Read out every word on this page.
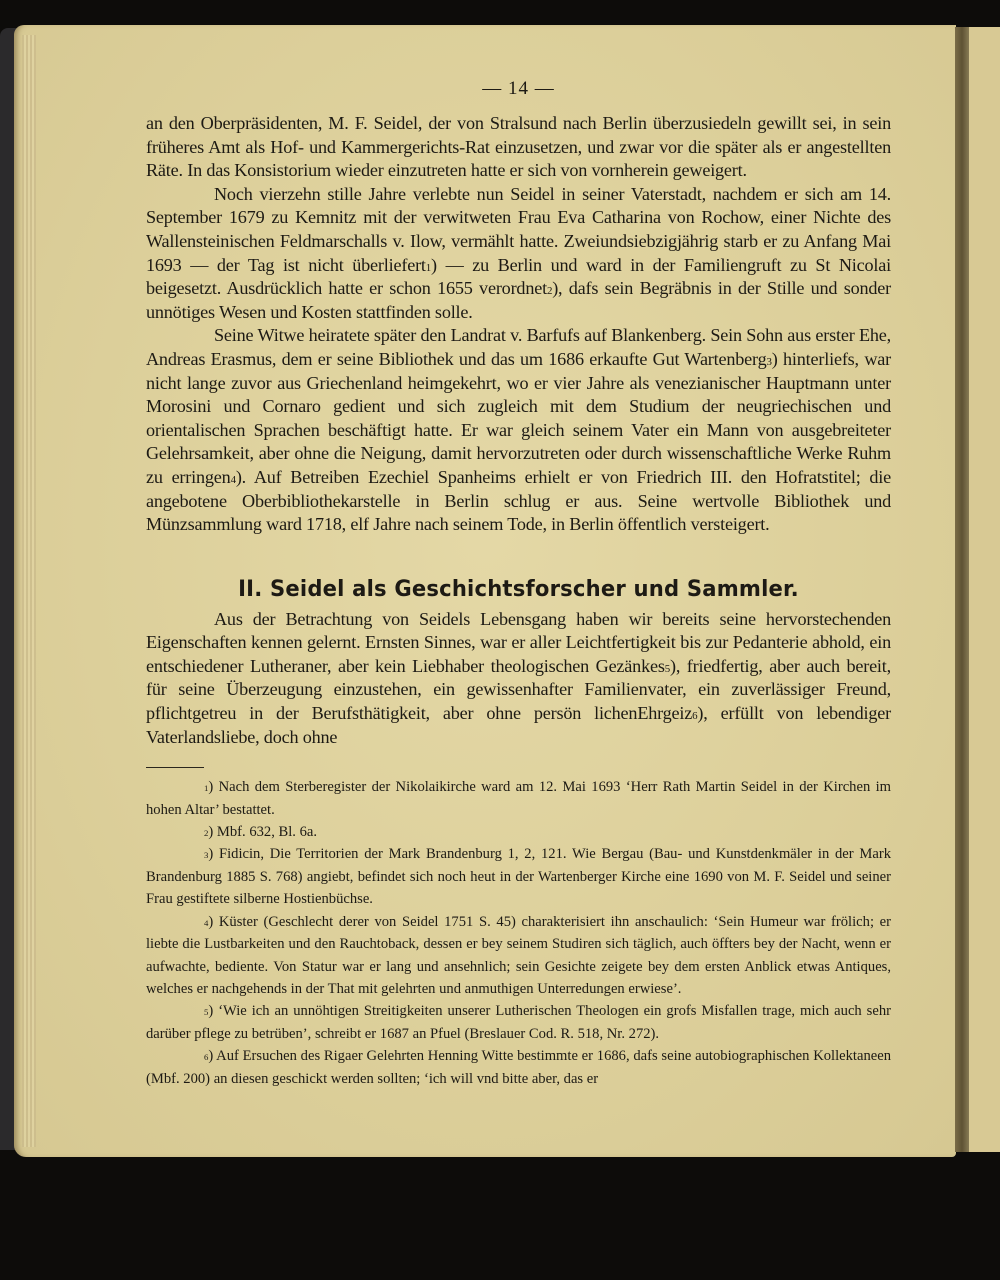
— 14 —

an den Oberpräsidenten, M. F. Seidel, der von Stralsund nach Berlin überzusiedeln gewillt sei, in sein früheres Amt als Hof- und Kammergerichts-Rat einzusetzen, und zwar vor die später als er angestellten Räte. In das Konsistorium wieder einzutreten hatte er sich von vornherein geweigert.

Noch vierzehn stille Jahre verlebte nun Seidel in seiner Vaterstadt, nachdem er sich am 14. September 1679 zu Kemnitz mit der verwitweten Frau Eva Catharina von Rochow, einer Nichte des Wallensteinischen Feldmarschalls v. Ilow, vermählt hatte. Zweiundsiebzigjährig starb er zu Anfang Mai 1693 — der Tag ist nicht überliefert$^1$) — zu Berlin und ward in der Familiengruft zu St Nicolai beigesetzt. Ausdrücklich hatte er schon 1655 verordnet$^2$), dafs sein Begräbnis in der Stille und sonder unnötiges Wesen und Kosten stattfinden solle.

Seine Witwe heiratete später den Landrat v. Barfufs auf Blankenberg. Sein Sohn aus erster Ehe, Andreas Erasmus, dem er seine Bibliothek und das um 1686 erkaufte Gut Wartenberg$^3$) hinterliefs, war nicht lange zuvor aus Griechenland heimgekehrt, wo er vier Jahre als venezianischer Hauptmann unter Morosini und Cornaro gedient und sich zugleich mit dem Studium der neugriechischen und orientalischen Sprachen beschäftigt hatte. Er war gleich seinem Vater ein Mann von ausgebreiteter Gelehrsamkeit, aber ohne die Neigung, damit hervorzutreten oder durch wissenschaftliche Werke Ruhm zu erringen$^4$). Auf Betreiben Ezechiel Spanheims erhielt er von Friedrich III. den Hofratstitel; die angebotene Oberbibliothekarstelle in Berlin schlug er aus. Seine wertvolle Bibliothek und Münzsammlung ward 1718, elf Jahre nach seinem Tode, in Berlin öffentlich versteigert.

II. Seidel als Geschichtsforscher und Sammler.

Aus der Betrachtung von Seidels Lebensgang haben wir bereits seine hervorstechenden Eigenschaften kennen gelernt. Ernsten Sinnes, war er aller Leichtfertigkeit bis zur Pedanterie abhold, ein entschiedener Lutheraner, aber kein Liebhaber theologischen Gezänkes$^5$), friedfertig, aber auch bereit, für seine Überzeugung einzustehen, ein gewissenhafter Familienvater, ein zuverlässiger Freund, pflichtgetreu in der Berufsthätigkeit, aber ohne persön lichenEhrgeiz$^6$), erfüllt von lebendiger Vaterlandsliebe, doch ohne

$^1$) Nach dem Sterberegister der Nikolaikirche ward am 12. Mai 1693 ‘Herr Rath Martin Seidel in der Kirchen im hohen Altar’ bestattet.

$^2$) Mbf. 632, Bl. 6a.

$^3$) Fidicin, Die Territorien der Mark Brandenburg 1, 2, 121. Wie Bergau (Bau- und Kunstdenkmäler in der Mark Brandenburg 1885 S. 768) angiebt, befindet sich noch heut in der Wartenberger Kirche eine 1690 von M. F. Seidel und seiner Frau gestiftete silberne Hostienbüchse.

$^4$) Küster (Geschlecht derer von Seidel 1751 S. 45) charakterisiert ihn anschaulich: ‘Sein Humeur war frölich; er liebte die Lustbarkeiten und den Rauchtoback, dessen er bey seinem Studiren sich täglich, auch öffters bey der Nacht, wenn er aufwachte, bediente. Von Statur war er lang und ansehnlich; sein Gesichte zeigete bey dem ersten Anblick etwas Antiques, welches er nachgehends in der That mit gelehrten und anmuthigen Unterredungen erwiese’.

$^5$) ‘Wie ich an unnöhtigen Streitigkeiten unserer Lutherischen Theologen ein grofs Misfallen trage, mich auch sehr darüber pflege zu betrüben’, schreibt er 1687 an Pfuel (Breslauer Cod. R. 518, Nr. 272).

$^6$) Auf Ersuchen des Rigaer Gelehrten Henning Witte bestimmte er 1686, dafs seine autobiographischen Kollektaneen (Mbf. 200) an diesen geschickt werden sollten; ‘ich will vnd bitte aber, das er
